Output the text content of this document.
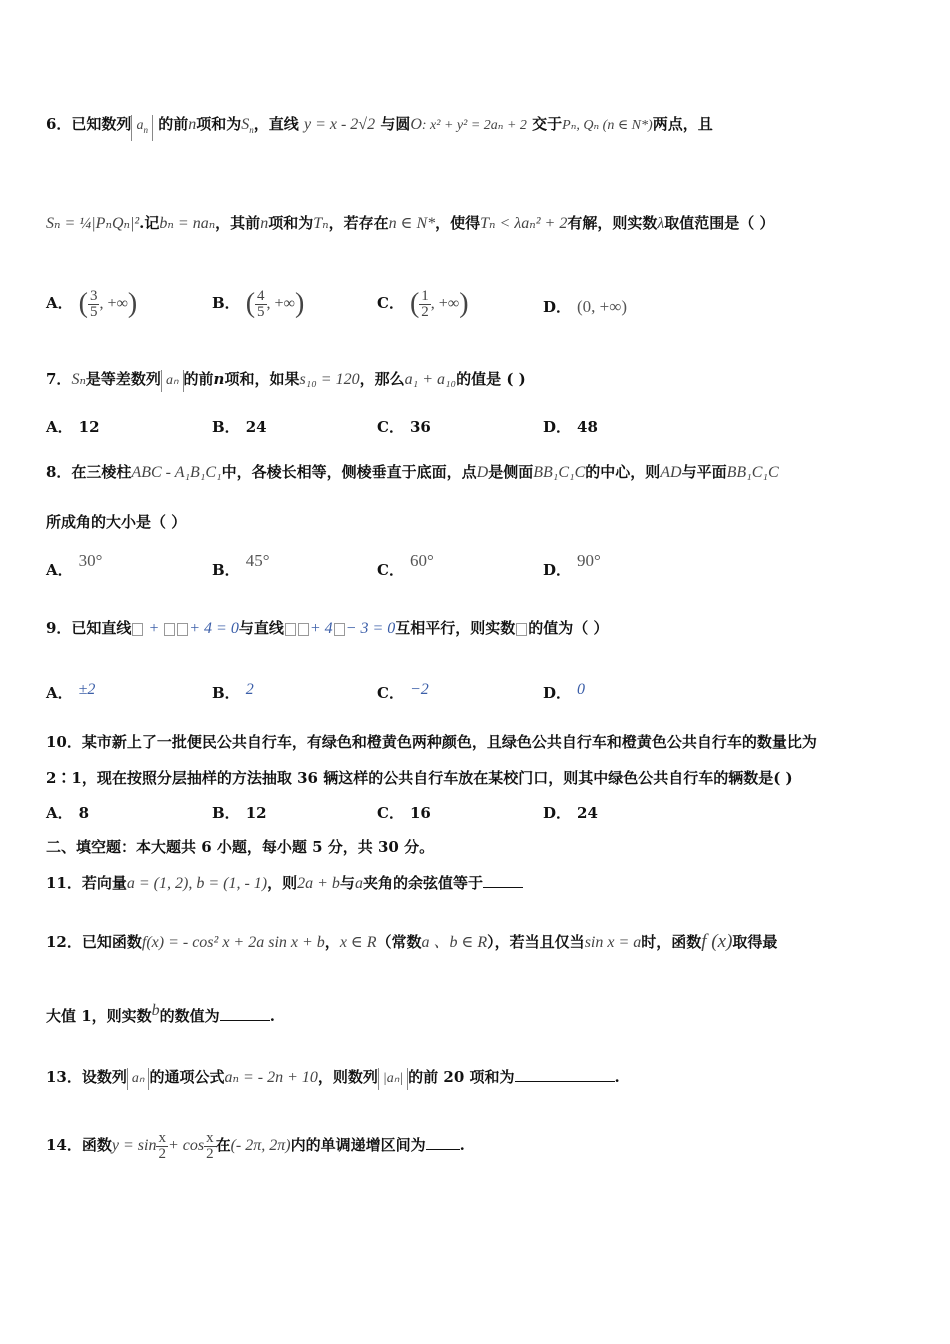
6．已知数列 $a_n$ 的前n项和为$S_n$，直线 y = x - 2√2 与圆O: x² + y² = 2aₙ + 2 交于Pₙ, Qₙ (n ∈ N*)两点，且
Sₙ = ¼|PₙQₙ|².记bₙ = naₙ，其前n项和为Tₙ，若存在n ∈ N*，使得Tₙ < λaₙ² + 2有解，则实数λ取值范围是（ ）
A． ( $\frac{3}{5}$ , +∞)	B． ( $\frac{4}{5}$ , +∞)	C． ( $\frac{1}{2}$ , +∞)	D． (0, +∞)
7．Sₙ是等差数列 aₙ 的前n项和，如果s₁₀ = 120，那么a₁ + a₁₀的值是 ( )
A． 12	B． 24	C． 36	D． 48
8．在三棱柱ABC - A₁B₁C₁中，各棱长相等，侧棱垂直于底面，点D是侧面BB₁C₁C的中心，则AD与平面BB₁C₁C
所成角的大小是（ ）
A． 30°	B． 45°	C． 60°	D． 90°
9．已知直线 + + 4 = 0与直线 + 4 − 3 = 0互相平行，则实数 的值为（ ）
A． ±2	B． 2	C． −2	D． 0
10．某市新上了一批便民公共自行车，有绿色和橙黄色两种颜色，且绿色公共自行车和橙黄色公共自行车的数量比为
2∶1，现在按照分层抽样的方法抽取 36 辆这样的公共自行车放在某校门口，则其中绿色公共自行车的辆数是( )
A． 8	B． 12	C． 16	D． 24
二、填空题：本大题共 6 小题，每小题 5 分，共 30 分。
11．若向量a = (1, 2), b = (1, - 1)，则2a + b与a夹角的余弦值等于
12．已知函数f(x) = - cos² x + 2a sin x + b，x ∈ R（常数a 、b ∈ R），若当且仅当sin x = a时，函数f (x)取得最
大值 1，则实数b的数值为	.
13．设数列 aₙ 的通项公式aₙ = - 2n + 10，则数列 |aₙ| 的前 20 项和为	.
14．函数$y = \sin \frac{x}{2} + \cos \frac{x}{2}$ 在(- 2π, 2π)内的单调递增区间为 .
